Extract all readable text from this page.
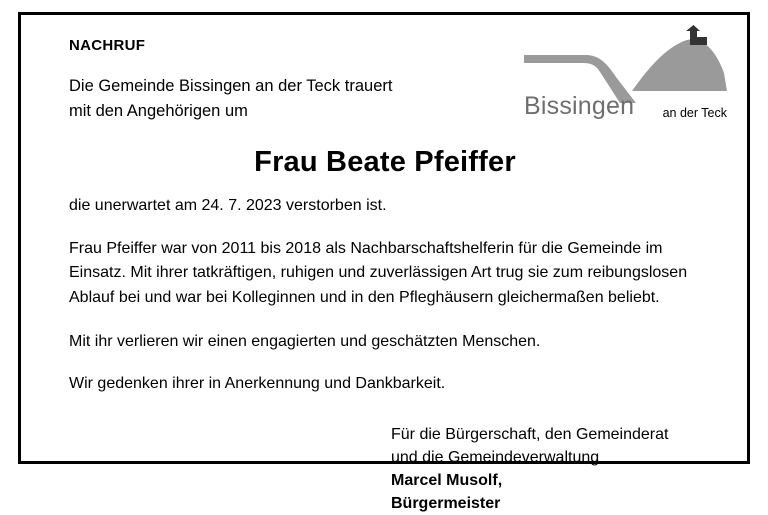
Bissingen an der Teck
NACHRUF

Die Gemeinde Bissingen an der Teck trauert
mit den Angehörigen um

Frau Beate Pfeiffer
die unerwartet am 24. 7. 2023 verstorben ist.

Frau Pfeiffer war von 2011 bis 2018 als Nachbarschaftshelferin für die Gemeinde im Einsatz. Mit ihrer tatkräftigen, ruhigen und zuverlässigen Art trug sie zum reibungslosen Ablauf bei und war bei Kolleginnen und in den Pfleghäusern gleichermaßen beliebt.

Mit ihr verlieren wir einen engagierten und geschätzten Menschen.

Wir gedenken ihrer in Anerkennung und Dankbarkeit.

Für die Bürgerschaft, den Gemeinderat
und die Gemeindeverwaltung
Marcel Musolf,
Bürgermeister
